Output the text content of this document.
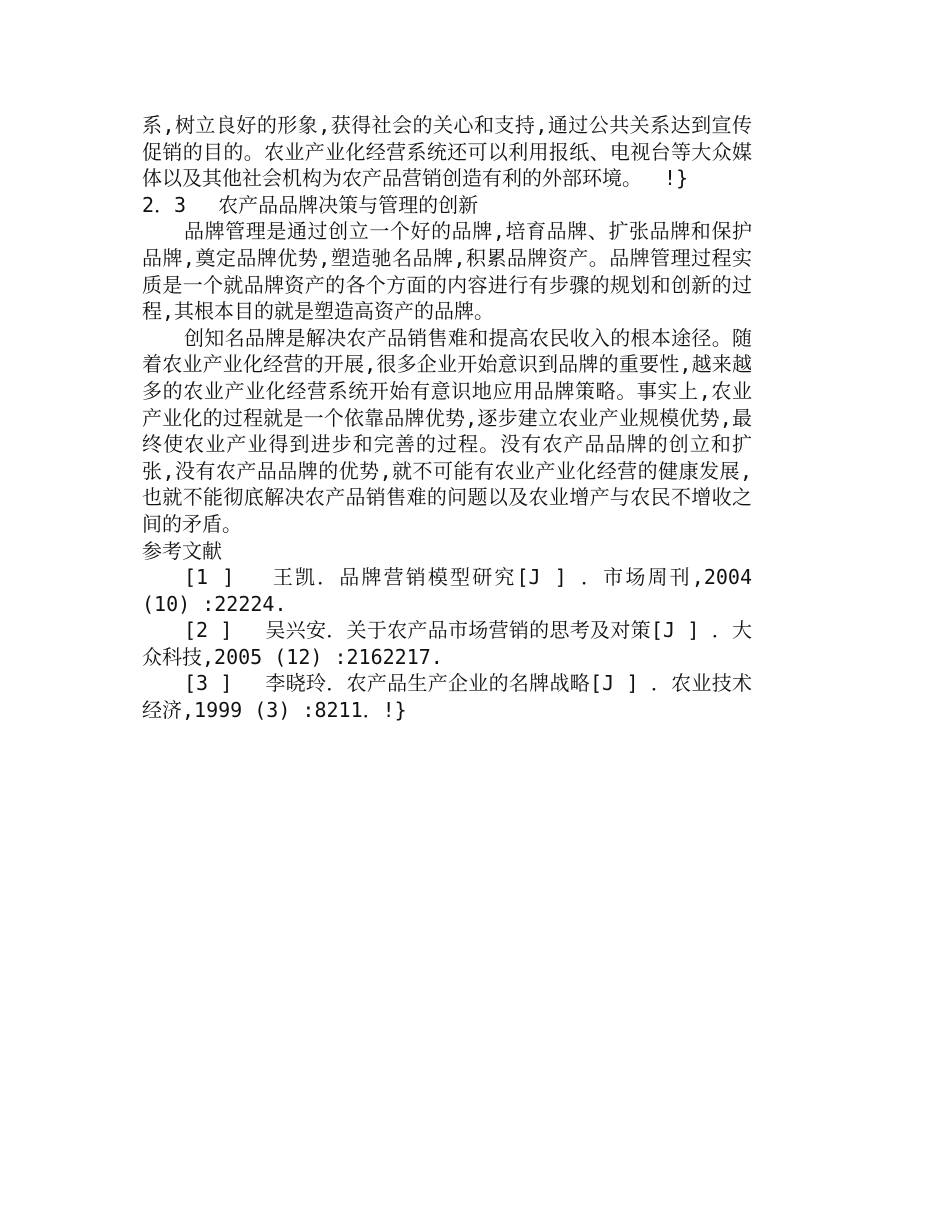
系,树立良好的形象,获得社会的关心和支持,通过公共关系达到宣传促销的目的。农业产业化经营系统还可以利用报纸、电视台等大众媒体以及其他社会机构为农产品营销创造有利的外部环境。　 !}

2．3　 农产品品牌决策与管理的创新

品牌管理是通过创立一个好的品牌,培育品牌、扩张品牌和保护品牌,奠定品牌优势,塑造驰名品牌,积累品牌资产。品牌管理过程实质是一个就品牌资产的各个方面的内容进行有步骤的规划和创新的过程,其根本目的就是塑造高资产的品牌。

创知名品牌是解决农产品销售难和提高农民收入的根本途径。随着农业产业化经营的开展,很多企业开始意识到品牌的重要性,越来越多的农业产业化经营系统开始有意识地应用品牌策略。事实上,农业产业化的过程就是一个依靠品牌优势,逐步建立农业产业规模优势,最终使农业产业得到进步和完善的过程。没有农产品品牌的创立和扩张,没有农产品品牌的优势,就不可能有农业产业化经营的健康发展,也就不能彻底解决农产品销售难的问题以及农业增产与农民不增收之间的矛盾。

参考文献

[1 ]　 王凯．品牌营销模型研究[J ] ．市场周刊,2004 (10) :22224.

[2 ]　 吴兴安．关于农产品市场营销的思考及对策[J ] ．大众科技,2005 (12) :2162217.

[3 ]　 李晓玲．农产品生产企业的名牌战略[J ] ．农业技术经济,1999 (3) :8211．!}
